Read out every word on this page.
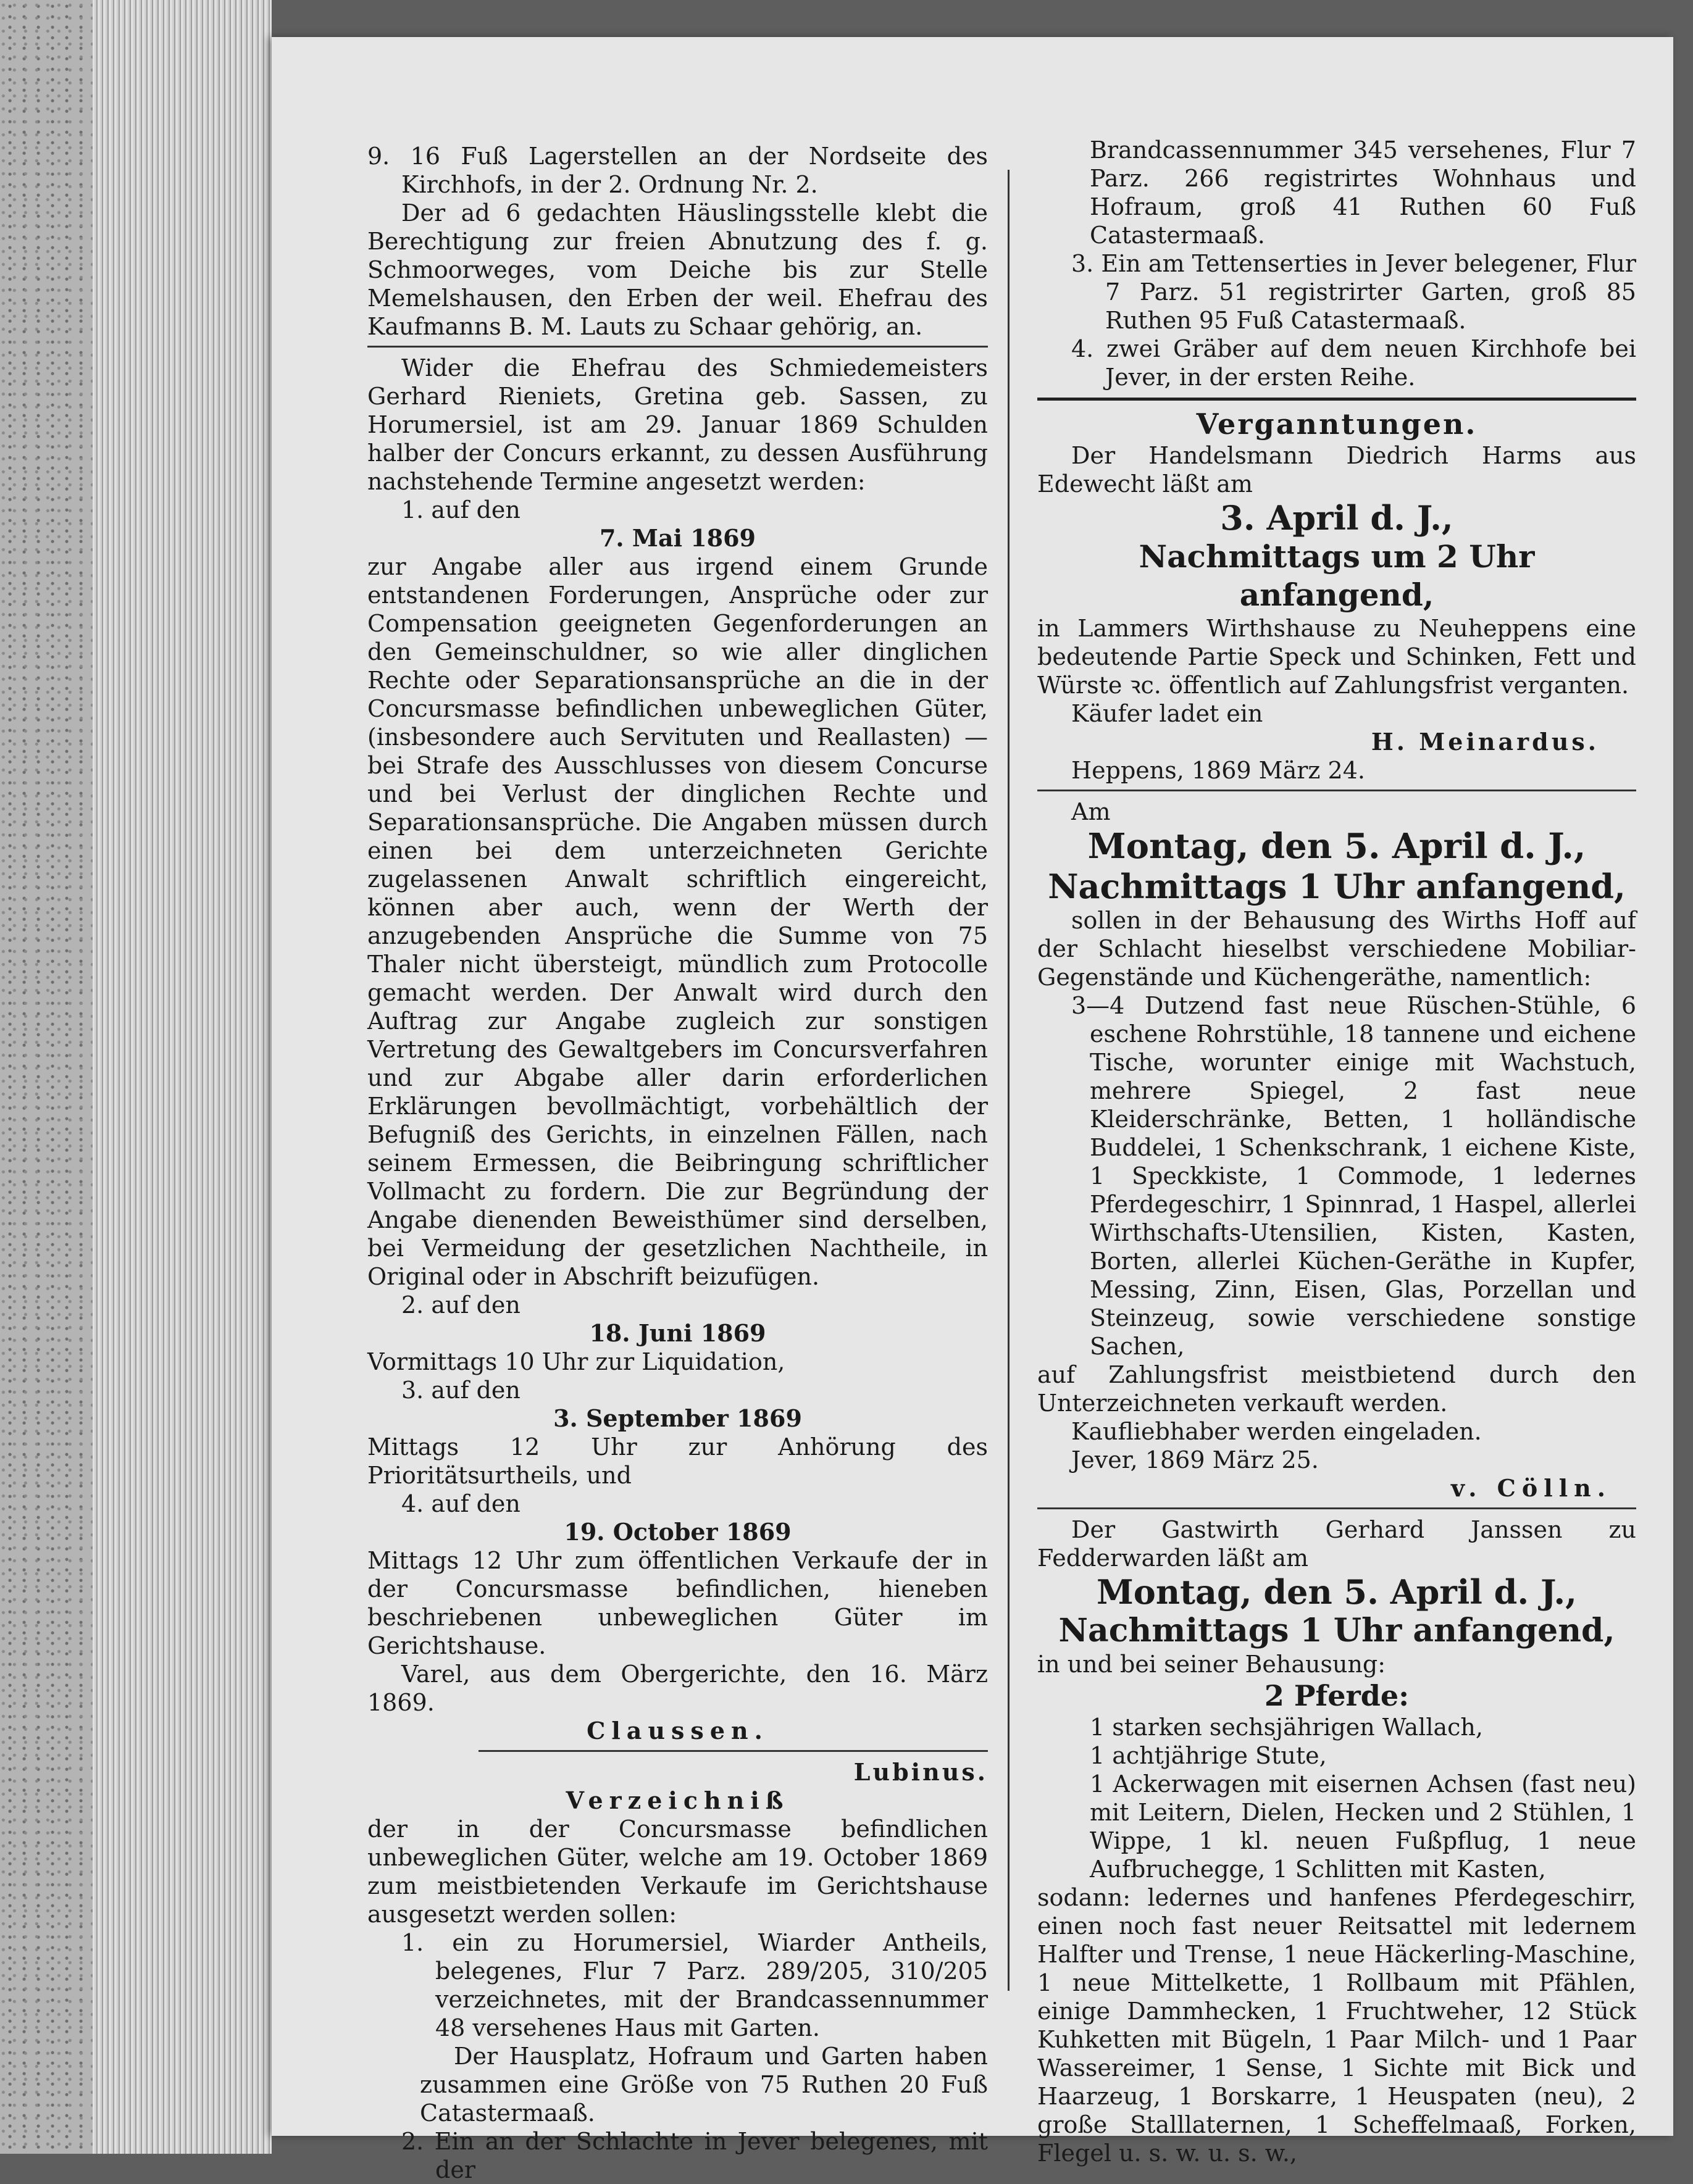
9. 16 Fuß Lagerstellen an der Nordseite des Kirchhofs, in der 2. Ordnung Nr. 2.

Der ad 6 gedachten Häuslingsstelle klebt die Berechtigung zur freien Abnutzung des f. g. Schmoorweges, vom Deiche bis zur Stelle Memelshausen, den Erben der weil. Ehefrau des Kaufmanns B. M. Lauts zu Schaar gehörig, an.

Wider die Ehefrau des Schmiedemeisters Gerhard Rieniets, Gretina geb. Sassen, zu Horumersiel, ist am 29. Januar 1869 Schulden halber der Concurs erkannt, zu dessen Ausführung nachstehende Termine angesetzt werden:

1. auf den

7. Mai 1869

zur Angabe aller aus irgend einem Grunde entstandenen Forderungen, Ansprüche oder zur Compensation geeigneten Gegenforderungen an den Gemeinschuldner, so wie aller dinglichen Rechte oder Separationsansprüche an die in der Concursmasse befindlichen unbeweglichen Güter, (insbesondere auch Servituten und Reallasten) — bei Strafe des Ausschlusses von diesem Concurse und bei Verlust der dinglichen Rechte und Separationsansprüche. Die Angaben müssen durch einen bei dem unterzeichneten Gerichte zugelassenen Anwalt schriftlich eingereicht, können aber auch, wenn der Werth der anzugebenden Ansprüche die Summe von 75 Thaler nicht übersteigt, mündlich zum Protocolle gemacht werden. Der Anwalt wird durch den Auftrag zur Angabe zugleich zur sonstigen Vertretung des Gewaltgebers im Concursverfahren und zur Abgabe aller darin erforderlichen Erklärungen bevollmächtigt, vorbehältlich der Befugniß des Gerichts, in einzelnen Fällen, nach seinem Ermessen, die Beibringung schriftlicher Vollmacht zu fordern. Die zur Begründung der Angabe dienenden Beweisthümer sind derselben, bei Vermeidung der gesetzlichen Nachtheile, in Original oder in Abschrift beizufügen.

2. auf den

18. Juni 1869

Vormittags 10 Uhr zur Liquidation,

3. auf den

3. September 1869

Mittags 12 Uhr zur Anhörung des Prioritätsurtheils, und

4. auf den

19. October 1869

Mittags 12 Uhr zum öffentlichen Verkaufe der in der Concursmasse befindlichen, hieneben beschriebenen unbeweglichen Güter im Gerichtshause.

Varel, aus dem Obergerichte, den 16. März 1869.

Claussen.

Lubinus.

Verzeichniß

der in der Concursmasse befindlichen unbeweglichen Güter, welche am 19. October 1869 zum meistbietenden Verkaufe im Gerichtshause ausgesetzt werden sollen:

1. ein zu Horumersiel, Wiarder Antheils, belegenes, Flur 7 Parz. 289/205, 310/205 verzeichnetes, mit der Brandcassennummer 48 versehenes Haus mit Garten.

Der Hausplatz, Hofraum und Garten haben zusammen eine Größe von 75 Ruthen 20 Fuß Catastermaaß.

2. Ein an der Schlachte in Jever belegenes, mit der

Brandcassennummer 345 versehenes, Flur 7 Parz. 266 registrirtes Wohnhaus und Hofraum, groß 41 Ruthen 60 Fuß Catastermaaß.

3. Ein am Tettenserties in Jever belegener, Flur 7 Parz. 51 registrirter Garten, groß 85 Ruthen 95 Fuß Catastermaaß.

4. zwei Gräber auf dem neuen Kirchhofe bei Jever, in der ersten Reihe.

Verganntungen.

Der Handelsmann Diedrich Harms aus Edewecht läßt am

3. April d. J.,

Nachmittags um 2 Uhr anfangend,

in Lammers Wirthshause zu Neuheppens eine bedeutende Partie Speck und Schinken, Fett und Würste ꝛc. öffentlich auf Zahlungsfrist verganten.

Käufer ladet ein

H. Meinardus.

Heppens, 1869 März 24.

Am

Montag, den 5. April d. J.,

Nachmittags 1 Uhr anfangend,

sollen in der Behausung des Wirths Hoff auf der Schlacht hieselbst verschiedene Mobiliar-Gegenstände und Küchengeräthe, namentlich:

3—4 Dutzend fast neue Rüschen-Stühle, 6 eschene Rohrstühle, 18 tannene und eichene Tische, worunter einige mit Wachstuch, mehrere Spiegel, 2 fast neue Kleiderschränke, Betten, 1 holländische Buddelei, 1 Schenkschrank, 1 eichene Kiste, 1 Speckkiste, 1 Commode, 1 ledernes Pferdegeschirr, 1 Spinnrad, 1 Haspel, allerlei Wirthschafts-Utensilien, Kisten, Kasten, Borten, allerlei Küchen-Geräthe in Kupfer, Messing, Zinn, Eisen, Glas, Porzellan und Steinzeug, sowie verschiedene sonstige Sachen,

auf Zahlungsfrist meistbietend durch den Unterzeichneten verkauft werden.

Kaufliebhaber werden eingeladen.

Jever, 1869 März 25.

v. Cölln.

Der Gastwirth Gerhard Janssen zu Fedderwarden läßt am

Montag, den 5. April d. J.,

Nachmittags 1 Uhr anfangend,

in und bei seiner Behausung:

2 Pferde:

1 starken sechsjährigen Wallach,

1 achtjährige Stute,

1 Ackerwagen mit eisernen Achsen (fast neu) mit Leitern, Dielen, Hecken und 2 Stühlen, 1 Wippe, 1 kl. neuen Fußpflug, 1 neue Aufbruchegge, 1 Schlitten mit Kasten,

sodann: ledernes und hanfenes Pferdegeschirr, einen noch fast neuer Reitsattel mit ledernem Halfter und Trense, 1 neue Häckerling-Maschine, 1 neue Mittelkette, 1 Rollbaum mit Pfählen, einige Dammhecken, 1 Fruchtweher, 12 Stück Kuhketten mit Bügeln, 1 Paar Milch- und 1 Paar Wassereimer, 1 Sense, 1 Sichte mit Bick und Haarzeug, 1 Borskarre, 1 Heuspaten (neu), 2 große Stalllaternen, 1 Scheffelmaaß, Forken, Flegel u. s. w. u. s. w.,
